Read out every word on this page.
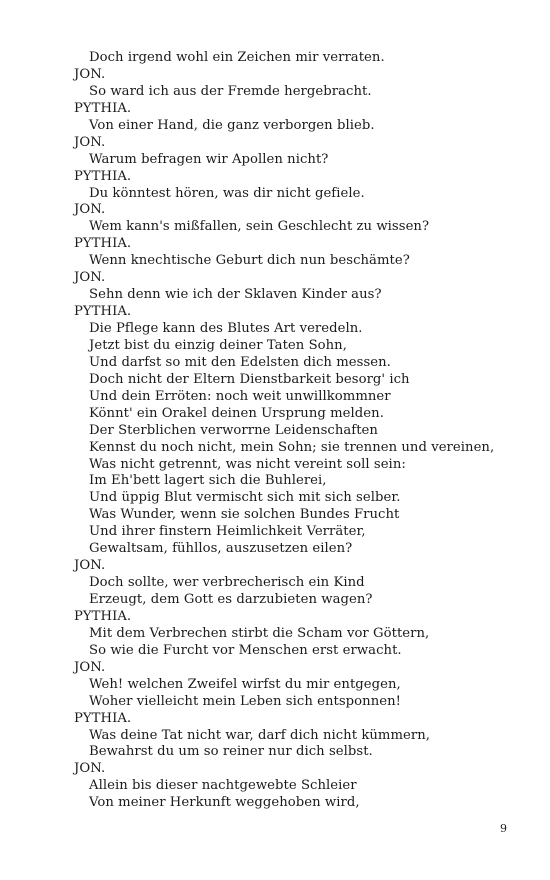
Doch irgend wohl ein Zeichen mir verraten.
JON.
So ward ich aus der Fremde hergebracht.
PYTHIA.
Von einer Hand, die ganz verborgen blieb.
JON.
Warum befragen wir Apollen nicht?
PYTHIA.
Du könntest hören, was dir nicht gefiele.
JON.
Wem kann's mißfallen, sein Geschlecht zu wissen?
PYTHIA.
Wenn knechtische Geburt dich nun beschämte?
JON.
Sehn denn wie ich der Sklaven Kinder aus?
PYTHIA.
Die Pflege kann des Blutes Art veredeln.
Jetzt bist du einzig deiner Taten Sohn,
Und darfst so mit den Edelsten dich messen.
Doch nicht der Eltern Dienstbarkeit besorg' ich
Und dein Erröten: noch weit unwillkommner
Könnt' ein Orakel deinen Ursprung melden.
Der Sterblichen verworrne Leidenschaften
Kennst du noch nicht, mein Sohn; sie trennen und vereinen,
Was nicht getrennt, was nicht vereint soll sein:
Im Eh'bett lagert sich die Buhlerei,
Und üppig Blut vermischt sich mit sich selber.
Was Wunder, wenn sie solchen Bundes Frucht
Und ihrer finstern Heimlichkeit Verräter,
Gewaltsam, fühllos, auszusetzen eilen?
JON.
Doch sollte, wer verbrecherisch ein Kind
Erzeugt, dem Gott es darzubieten wagen?
PYTHIA.
Mit dem Verbrechen stirbt die Scham vor Göttern,
So wie die Furcht vor Menschen erst erwacht.
JON.
Weh! welchen Zweifel wirfst du mir entgegen,
Woher vielleicht mein Leben sich entsponnen!
PYTHIA.
Was deine Tat nicht war, darf dich nicht kümmern,
Bewahrst du um so reiner nur dich selbst.
JON.
Allein bis dieser nachtgewebte Schleier
Von meiner Herkunft weggehoben wird,
9
